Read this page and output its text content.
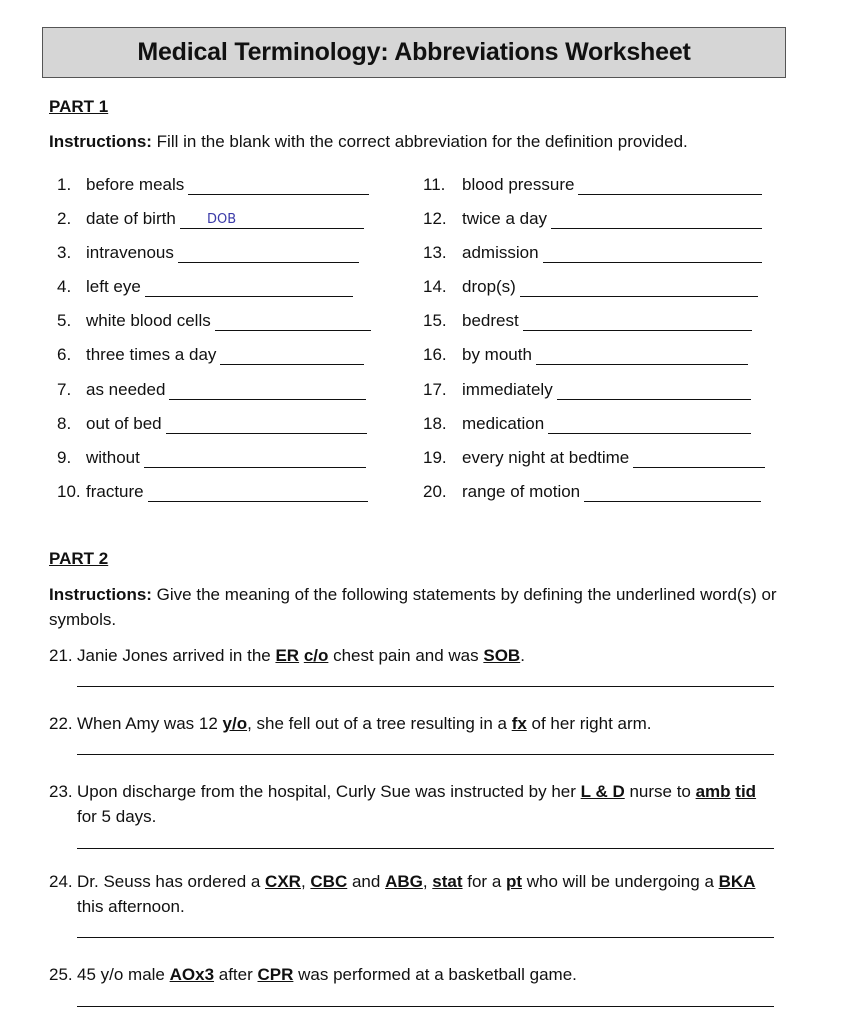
Medical Terminology: Abbreviations Worksheet
PART 1
Instructions: Fill in the blank with the correct abbreviation for the definition provided.
1. before meals
2. date of birth
3. intravenous
4. left eye
5. white blood cells
6. three times a day
7. as needed
8. out of bed
9. without
10. fracture
11. blood pressure
12. twice a day
13. admission
14. drop(s)
15. bedrest
16. by mouth
17. immediately
18. medication
19. every night at bedtime
20. range of motion
DOB
PART 2
Instructions: Give the meaning of the following statements by defining the underlined word(s) or symbols.
21. Janie Jones arrived in the ER c/o chest pain and was SOB.
22. When Amy was 12 y/o, she fell out of a tree resulting in a fx of her right arm.
23. Upon discharge from the hospital, Curly Sue was instructed by her L & D nurse to amb tid for 5 days.
24. Dr. Seuss has ordered a CXR, CBC and ABG, stat for a pt who will be undergoing a BKA this afternoon.
25. 45 y/o male AOx3 after CPR was performed at a basketball game.
